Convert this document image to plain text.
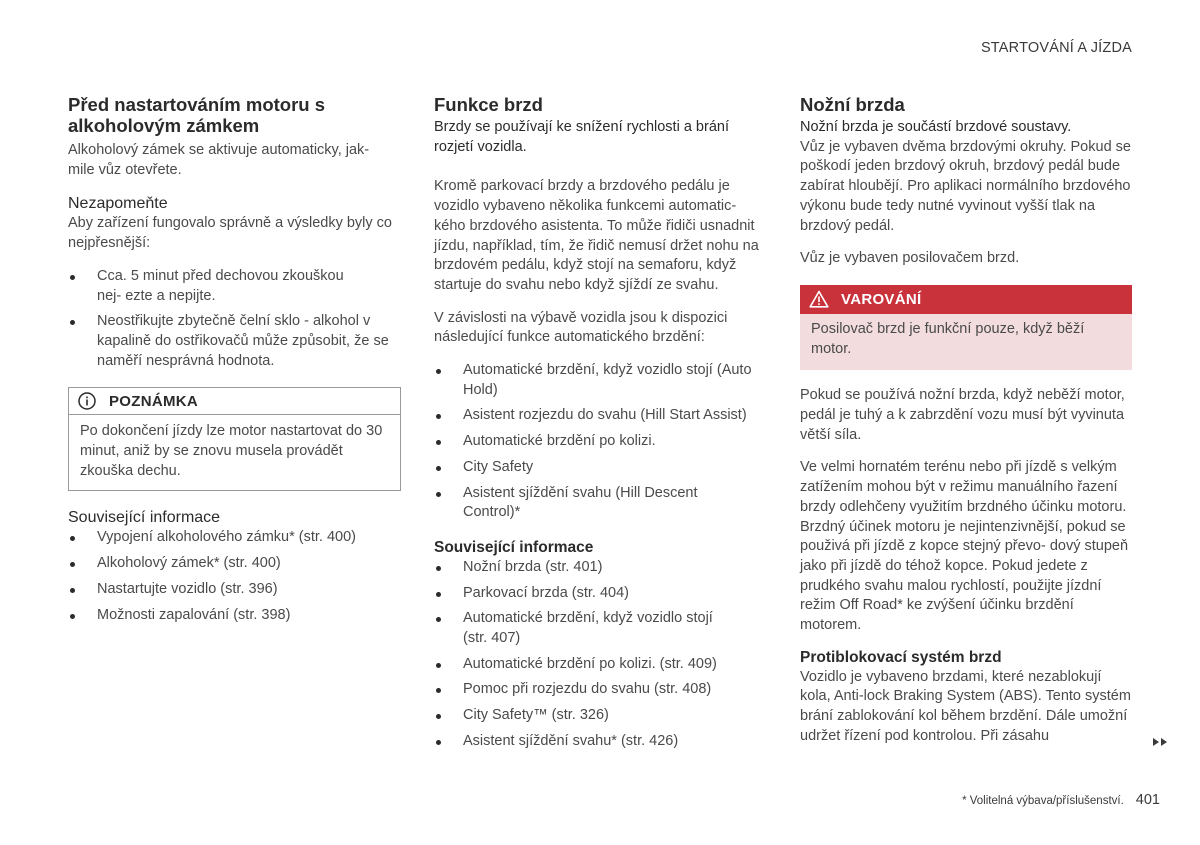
STARTOVÁNÍ A JÍZDA
Před nastartováním motoru s alkoholovým zámkem

Alkoholový zámek se aktivuje automaticky, jak- mile vůz otevřete.

Nezapomeňte

Aby zařízení fungovalo správně a výsledky byly co nejpřesnější:

Cca. 5 minut před dechovou zkouškou nej- ezte a nepijte.
Neostřikujte zbytečně čelní sklo - alkohol v kapalině do ostřikovačů může způsobit, že se naměří nesprávná hodnota.
POZNÁMKA

Po dokončení jízdy lze motor nastartovat do 30 minut, aniž by se znovu musela provádět zkouška dechu.

Související informace
Vypojení alkoholového zámku* (str. 400)
Alkoholový zámek* (str. 400)
Nastartujte vozidlo (str. 396)
Možnosti zapalování (str. 398)
Funkce brzd

Brzdy se používají ke snížení rychlosti a brání rozjetí vozidla.

Kromě parkovací brzdy a brzdového pedálu je vozidlo vybaveno několika funkcemi automatic- kého brzdového asistenta. To může řidiči usnadnit jízdu, například, tím, že řidič nemusí držet nohu na brzdovém pedálu, když stojí na semaforu, když startuje do svahu nebo když sjíždí ze svahu.

V závislosti na výbavě vozidla jsou k dispozici následující funkce automatického brzdění:

Automatické brzdění, když vozidlo stojí (Auto Hold)
Asistent rozjezdu do svahu (Hill Start Assist)
Automatické brzdění po kolizi.
City Safety
Asistent sjíždění svahu (Hill Descent Control)*
Související informace
Nožní brzda (str. 401)
Parkovací brzda (str. 404)
Automatické brzdění, když vozidlo stojí (str. 407)
Automatické brzdění po kolizi. (str. 409)
Pomoc při rozjezdu do svahu (str. 408)
City Safety™ (str. 326)
Asistent sjíždění svahu* (str. 426)
Nožní brzda

Nožní brzda je součástí brzdové soustavy.

Vůz je vybaven dvěma brzdovými okruhy. Pokud se poškodí jeden brzdový okruh, brzdový pedál bude zabírat hloubějí. Pro aplikaci normálního brzdového výkonu bude tedy nutné vyvinout vyšší tlak na brzdový pedál.

Vůz je vybaven posilovačem brzd.

VAROVÁNÍ

Posilovač brzd je funkční pouze, když běží motor.

Pokud se používá nožní brzda, když neběží motor, pedál je tuhý a k zabrzdění vozu musí být vyvinuta větší síla.

Ve velmi hornatém terénu nebo při jízdě s velkým zatížením mohou být v režimu manuálního řazení brzdy odlehčeny využitím brzdného účinku motoru. Brzdný účinek motoru je nejintenzivnější, pokud se použivá při jízdě z kopce stejný převo- dový stupeň jako při jízdě do téhož kopce. Pokud jedete z prudkého svahu malou rychlostí, použijte jízdní režim Off Road* ke zvýšení účinku brzdění motorem.

Protiblokovací systém brzd

Vozidlo je vybaveno brzdami, které nezablokují kola, Anti-lock Braking System (ABS). Tento systém brání zablokování kol během brzdění. Dále umožní udržet řízení pod kontrolou. Při zásahu

* Volitelná výbava/příslušenství. 401
